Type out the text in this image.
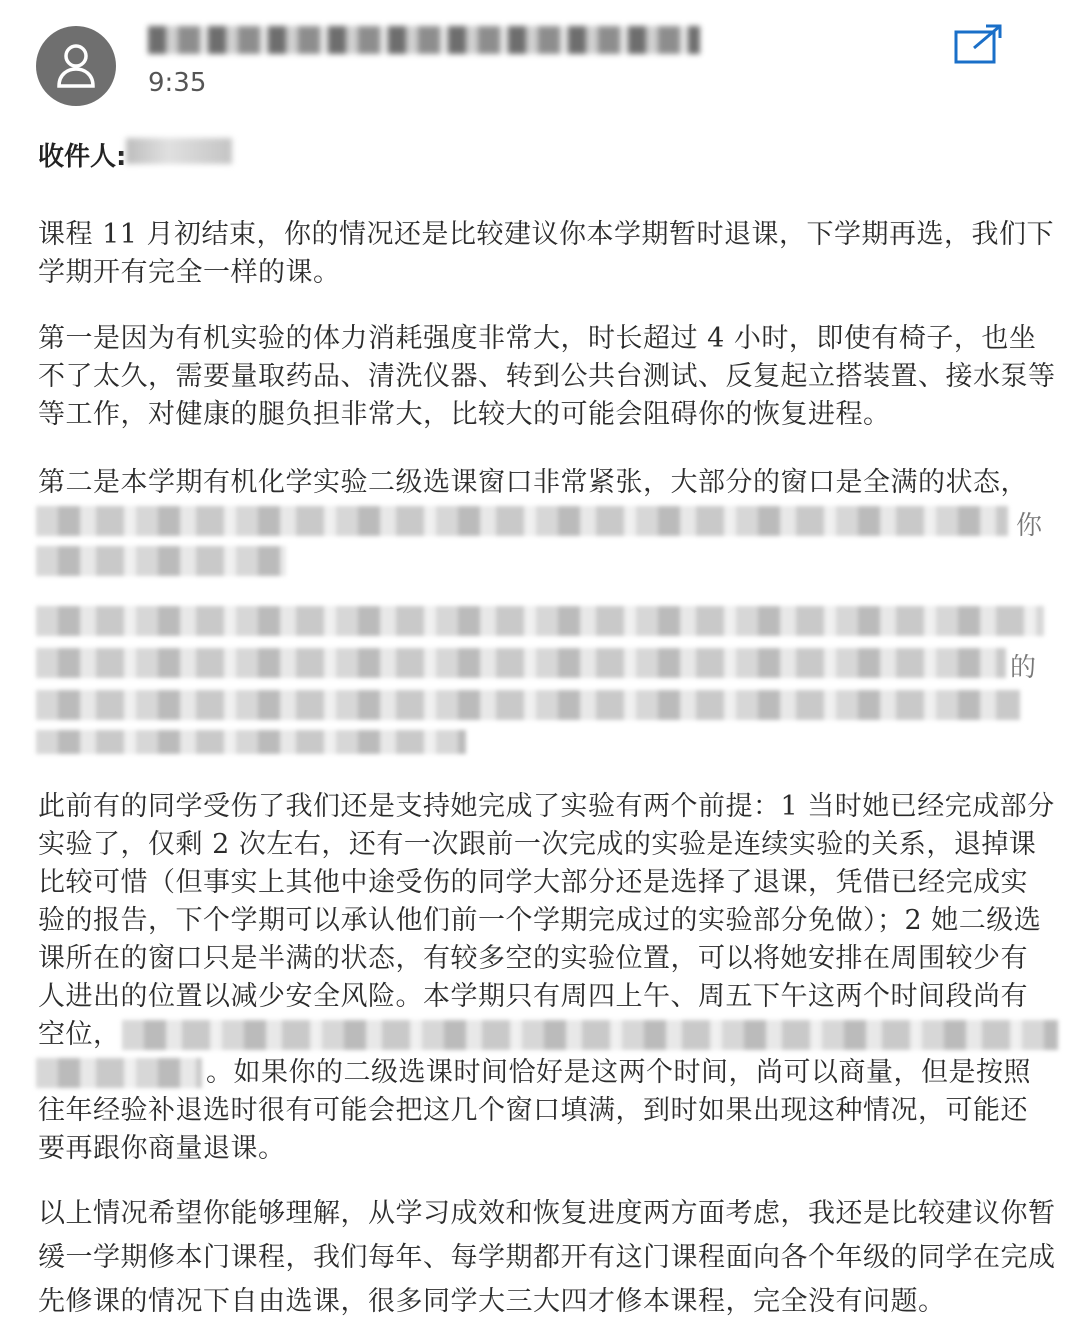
9:35
收件人:

课程 11 月初结束，你的情况还是比较建议你本学期暂时退课，下学期再选，我们下学期开有完全一样的课。

第一是因为有机实验的体力消耗强度非常大，时长超过 4 小时，即使有椅子，也坐不了太久，需要量取药品、清洗仪器、转到公共台测试、反复起立搭装置、接水泵等等工作，对健康的腿负担非常大，比较大的可能会阻碍你的恢复进程。

第二是本学期有机化学实验二级选课窗口非常紧张，大部分的窗口是全满的状态，

你
的

此前有的同学受伤了我们还是支持她完成了实验有两个前提：1 当时她已经完成部分

实验了，仅剩 2 次左右，还有一次跟前一次完成的实验是连续实验的关系，退掉课

比较可惜（但事实上其他中途受伤的同学大部分还是选择了退课，凭借已经完成实

验的报告，下个学期可以承认他们前一个学期完成过的实验部分免做）；2 她二级选

课所在的窗口只是半满的状态，有较多空的实验位置，可以将她安排在周围较少有

人进出的位置以减少安全风险。本学期只有周四上午、周五下午这两个时间段尚有

空位，

。如果你的二级选课时间恰好是这两个时间，尚可以商量，但是按照

往年经验补退选时很有可能会把这几个窗口填满，到时如果出现这种情况，可能还

要再跟你商量退课。

以上情况希望你能够理解，从学习成效和恢复进度两方面考虑，我还是比较建议你暂缓一学期修本门课程，我们每年、每学期都开有这门课程面向各个年级的同学在完成先修课的情况下自由选课，很多同学大三大四才修本课程，完全没有问题。
